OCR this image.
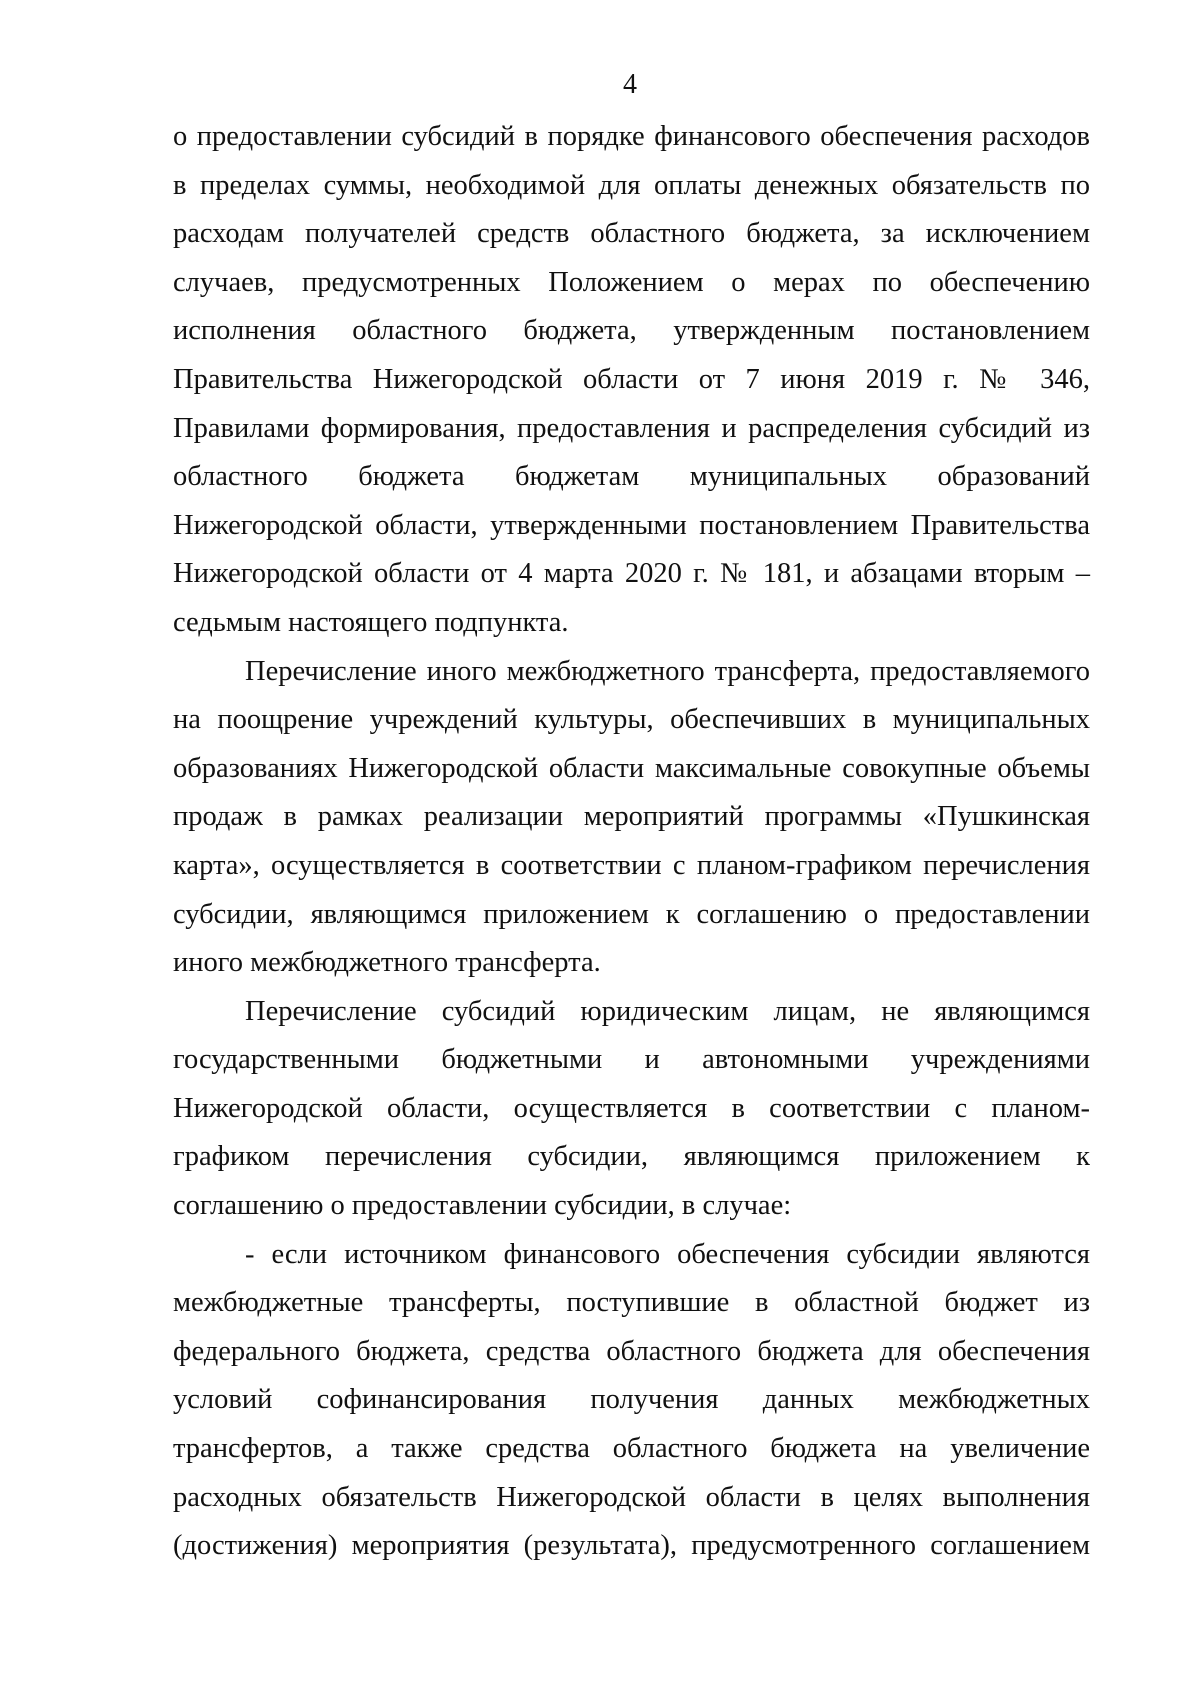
4

о предоставлении субсидий в порядке финансового обеспечения расходов в пределах суммы, необходимой для оплаты денежных обязательств по расходам получателей средств областного бюджета, за исключением случаев, предусмотренных Положением о мерах по обеспечению исполнения областного бюджета, утвержденным постановлением Правительства Нижегородской области от 7 июня 2019 г. № 346, Правилами формирования, предоставления и распределения субсидий из областного бюджета бюджетам муниципальных образований Нижегородской области, утвержденными постановлением Правительства Нижегородской области от 4 марта 2020 г. № 181, и абзацами вторым – седьмым настоящего подпункта.

Перечисление иного межбюджетного трансферта, предоставляемого на поощрение учреждений культуры, обеспечивших в муниципальных образованиях Нижегородской области максимальные совокупные объемы продаж в рамках реализации мероприятий программы «Пушкинская карта», осуществляется в соответствии с планом-графиком перечисления субсидии, являющимся приложением к соглашению о предоставлении иного межбюджетного трансферта.

Перечисление субсидий юридическим лицам, не являющимся государственными бюджетными и автономными учреждениями Нижегородской области, осуществляется в соответствии с планом-графиком перечисления субсидии, являющимся приложением к соглашению о предоставлении субсидии, в случае:

- если источником финансового обеспечения субсидии являются межбюджетные трансферты, поступившие в областной бюджет из федерального бюджета, средства областного бюджета для обеспечения условий софинансирования получения данных межбюджетных трансфертов, а также средства областного бюджета на увеличение расходных обязательств Нижегородской области в целях выполнения (достижения) мероприятия (результата), предусмотренного соглашением
